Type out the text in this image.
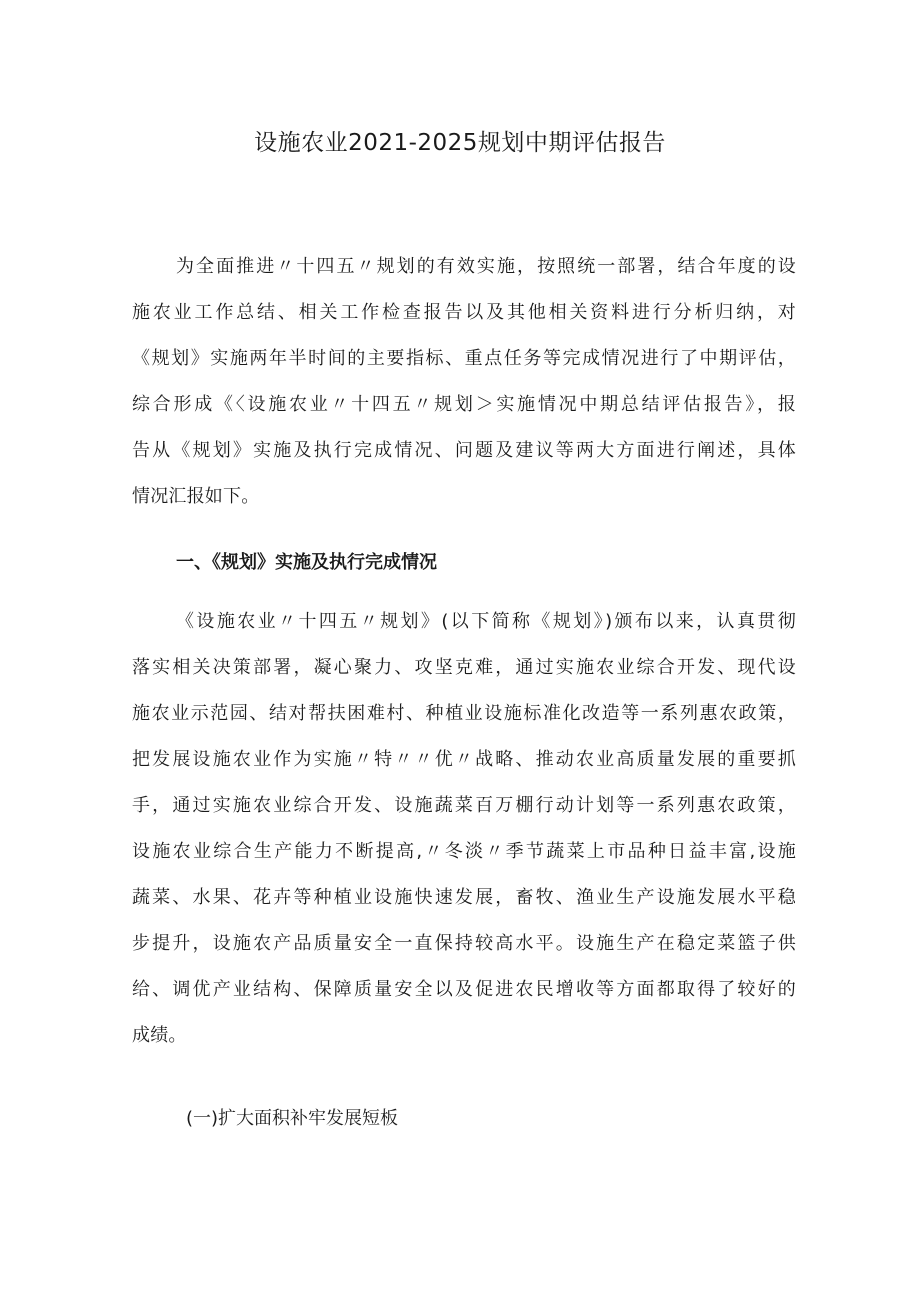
设施农业2021-2025规划中期评估报告
为全面推进〃十四五〃规划的有效实施，按照统一部署，结合年度的设
施农业工作总结、相关工作检查报告以及其他相关资料进行分析归纳，对
《规划》实施两年半时间的主要指标、重点任务等完成情况进行了中期评估，
综合形成《〈设施农业〃十四五〃规划＞实施情况中期总结评估报告》，报
告从《规划》实施及执行完成情况、问题及建议等两大方面进行阐述，具体
情况汇报如下。
一、《规划》实施及执行完成情况
《设施农业〃十四五〃规划》(以下简称《规划》)颁布以来，认真贯彻
落实相关决策部署，凝心聚力、攻坚克难，通过实施农业综合开发、现代设
施农业示范园、结对帮扶困难村、种植业设施标准化改造等一系列惠农政策，
把发展设施农业作为实施〃特〃〃优〃战略、推动农业高质量发展的重要抓
手，通过实施农业综合开发、设施蔬菜百万棚行动计划等一系列惠农政策，
设施农业综合生产能力不断提高,〃冬淡〃季节蔬菜上市品种日益丰富,设施
蔬菜、水果、花卉等种植业设施快速发展，畜牧、渔业生产设施发展水平稳
步提升，设施农产品质量安全一直保持较高水平。设施生产在稳定菜篮子供
给、调优产业结构、保障质量安全以及促进农民增收等方面都取得了较好的
成绩。
(一)扩大面积补牢发展短板
